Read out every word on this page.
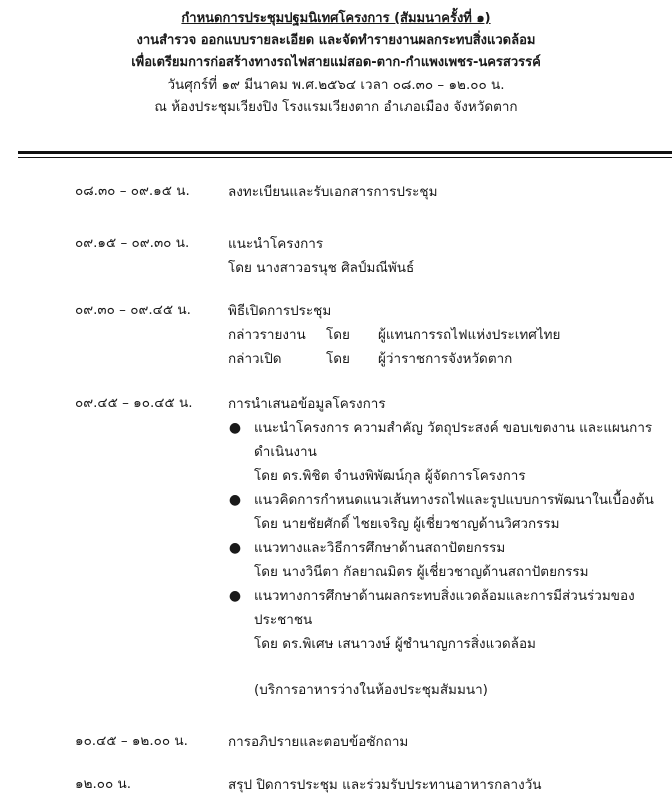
กำหนดการประชุมปฐมนิเทศโครงการ (สัมมนาครั้งที่ ๑)
งานสำรวจ ออกแบบรายละเอียด และจัดทำรายงานผลกระทบสิ่งแวดล้อม
เพื่อเตรียมการก่อสร้างทางรถไฟสายแม่สอด-ตาก-กำแพงเพชร-นครสวรรค์
วันศุกร์ที่ ๑๙ มีนาคม พ.ศ.๒๕๖๔ เวลา ๐๘.๓๐ – ๑๒.๐๐ น.
ณ ห้องประชุมเวียงปิง โรงแรมเวียงตาก อำเภอเมือง จังหวัดตาก
๐๘.๓๐ – ๐๙.๑๕ น.	ลงทะเบียนและรับเอกสารการประชุม
๐๙.๑๕ – ๐๙.๓๐ น.	แนะนำโครงการ
โดย นางสาวอรนุช ศิลป์มณีพันธ์
๐๙.๓๐ – ๐๙.๔๕ น.	พิธีเปิดการประชุม
กล่าวรายงาน โดย ผู้แทนการรถไฟแห่งประเทศไทย
กล่าวเปิด	โดย ผู้ว่าราชการจังหวัดตาก
๐๙.๔๕ – ๑๐.๔๕ น.	การนำเสนอข้อมูลโครงการ
● แนะนำโครงการ ความสำคัญ วัตถุประสงค์ ขอบเขตงาน และแผนการ
ดำเนินงาน
โดย ดร.พิชิต จำนงพิพัฒน์กุล ผู้จัดการโครงการ
● แนวคิดการกำหนดแนวเส้นทางรถไฟและรูปแบบการพัฒนาในเบื้องต้น
โดย นายชัยศักดิ์ ไชยเจริญ ผู้เชี่ยวชาญด้านวิศวกรรม
● แนวทางและวิธีการศึกษาด้านสถาปัตยกรรม
โดย นางวินีตา กัลยาณมิตร ผู้เชี่ยวชาญด้านสถาปัตยกรรม
● แนวทางการศึกษาด้านผลกระทบสิ่งแวดล้อมและการมีส่วนร่วมของ
ประชาชน
โดย ดร.พิเศษ เสนาวงษ์ ผู้ชำนาญการสิ่งแวดล้อม
(บริการอาหารว่างในห้องประชุมสัมมนา)
๑๐.๔๕ – ๑๒.๐๐ น.	การอภิปรายและตอบข้อซักถาม
๑๒.๐๐ น.	สรุป ปิดการประชุม และร่วมรับประทานอาหารกลางวัน
